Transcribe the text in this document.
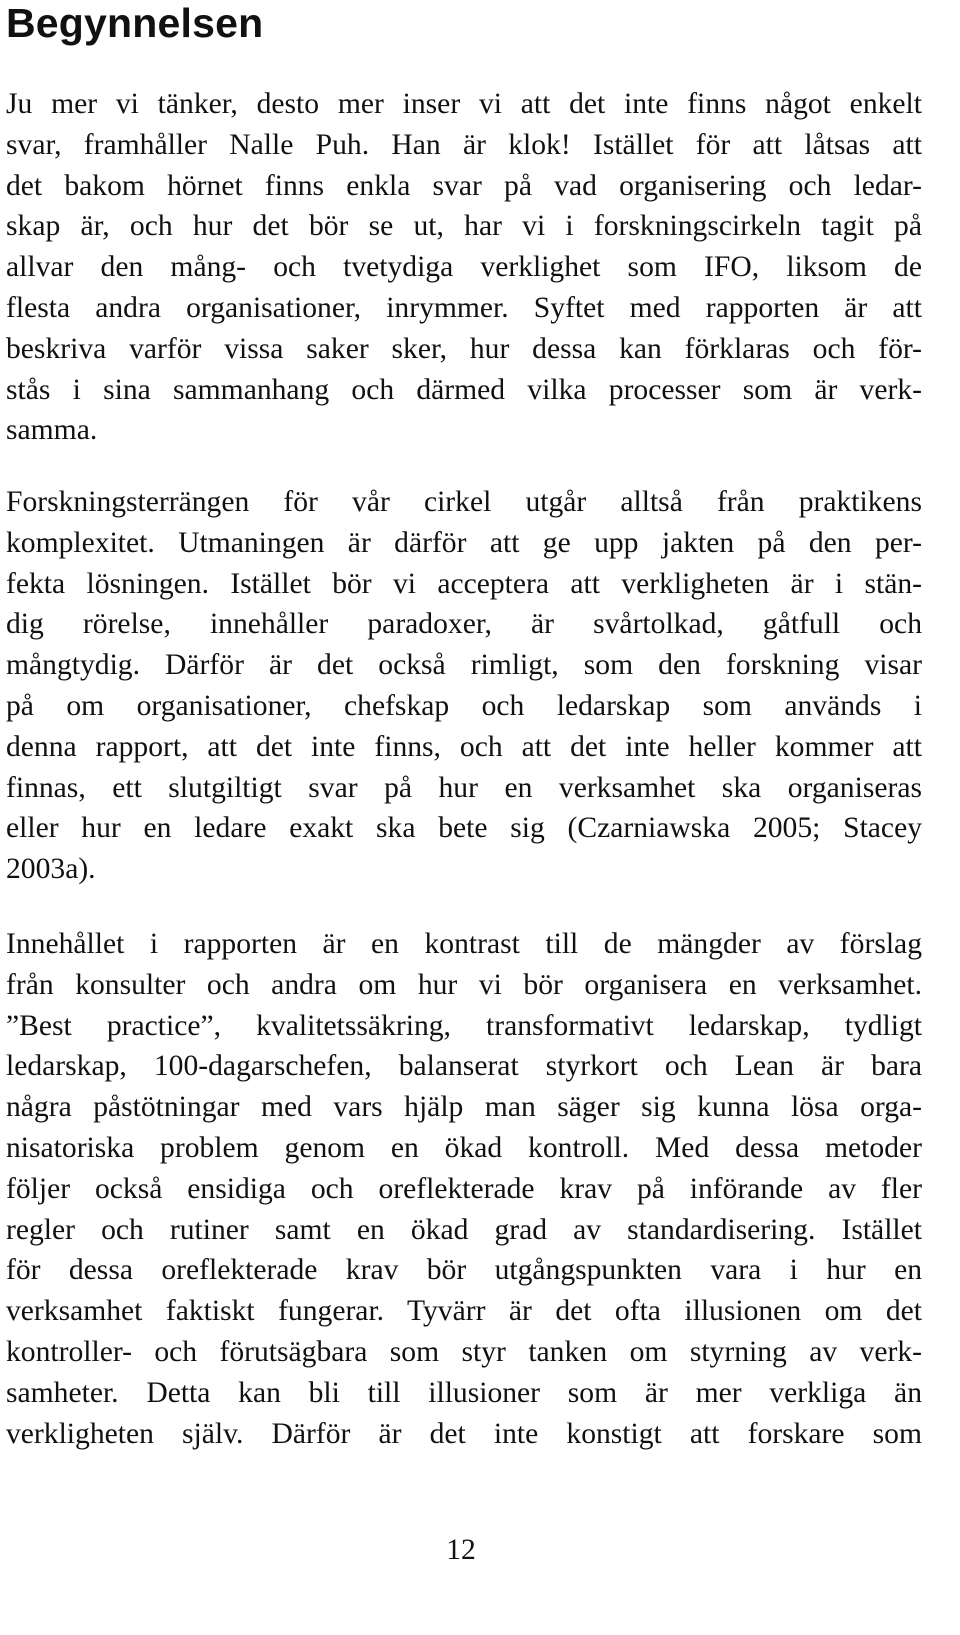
Begynnelsen
Ju mer vi tänker, desto mer inser vi att det inte finns något enkelt
svar, framhåller Nalle Puh. Han är klok! Istället för att låtsas att
det bakom hörnet finns enkla svar på vad organisering och ledar-
skap är, och hur det bör se ut, har vi i forskningscirkeln tagit på
allvar den mång- och tvetydiga verklighet som IFO, liksom de
flesta andra organisationer, inrymmer. Syftet med rapporten är att
beskriva varför vissa saker sker, hur dessa kan förklaras och för-
stås i sina sammanhang och därmed vilka processer som är verk-
samma.
Forskningsterrängen för vår cirkel utgår alltså från praktikens
komplexitet. Utmaningen är därför att ge upp jakten på den per-
fekta lösningen. Istället bör vi acceptera att verkligheten är i stän-
dig rörelse, innehåller paradoxer, är svårtolkad, gåtfull och
mångtydig. Därför är det också rimligt, som den forskning visar
på om organisationer, chefskap och ledarskap som används i
denna rapport, att det inte finns, och att det inte heller kommer att
finnas, ett slutgiltigt svar på hur en verksamhet ska organiseras
eller hur en ledare exakt ska bete sig (Czarniawska 2005; Stacey
2003a).
Innehållet i rapporten är en kontrast till de mängder av förslag
från konsulter och andra om hur vi bör organisera en verksamhet.
”Best practice”, kvalitetssäkring, transformativt ledarskap, tydligt
ledarskap, 100-dagarschefen, balanserat styrkort och Lean är bara
några påstötningar med vars hjälp man säger sig kunna lösa orga-
nisatoriska problem genom en ökad kontroll. Med dessa metoder
följer också ensidiga och oreflekterade krav på införande av fler
regler och rutiner samt en ökad grad av standardisering. Istället
för dessa oreflekterade krav bör utgångspunkten vara i hur en
verksamhet faktiskt fungerar. Tyvärr är det ofta illusionen om det
kontroller- och förutsägbara som styr tanken om styrning av verk-
samheter. Detta kan bli till illusioner som är mer verkliga än
verkligheten själv. Därför är det inte konstigt att forskare som
12
